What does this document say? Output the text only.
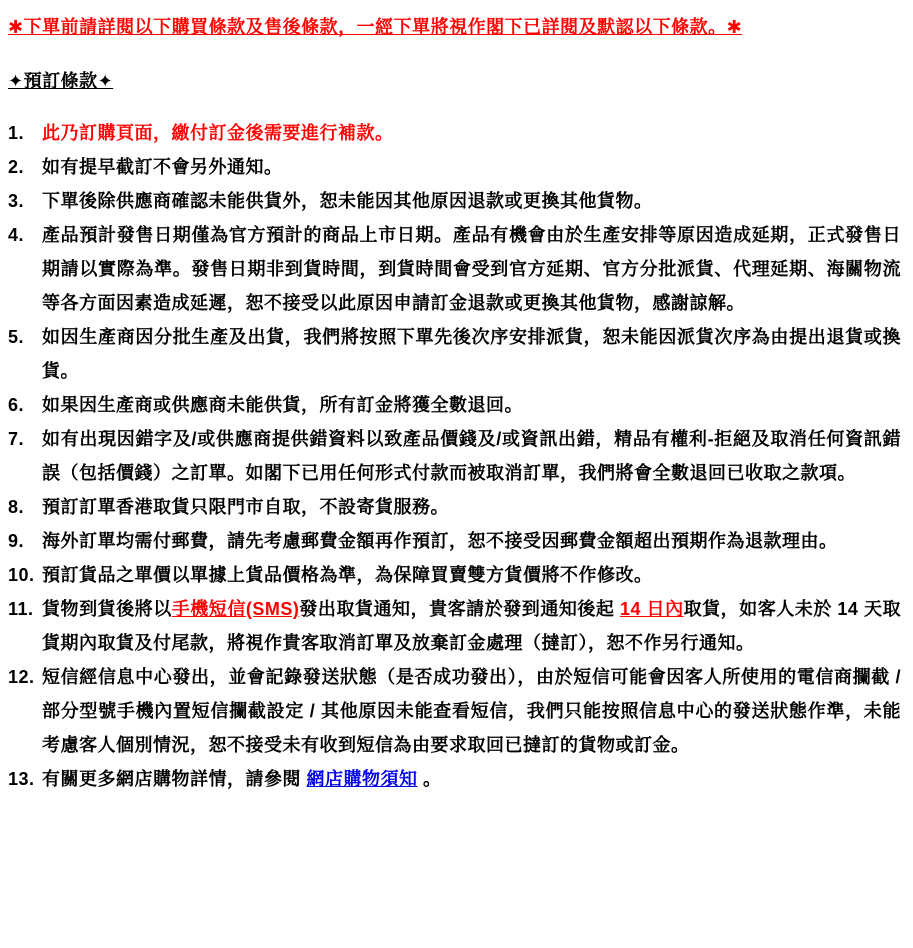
✱下單前請詳閱以下購買條款及售後條款，一經下單將視作閣下已詳閱及默認以下條款。✱
✦預訂條款✦
1. 此乃訂購頁面，繳付訂金後需要進行補款。
2. 如有提早截訂不會另外通知。
3. 下單後除供應商確認未能供貨外，恕未能因其他原因退款或更換其他貨物。
4. 產品預計發售日期僅為官方預計的商品上市日期。產品有機會由於生產安排等原因造成延期，正式發售日期請以實際為準。發售日期非到貨時間，到貨時間會受到官方延期、官方分批派貨、代理延期、海關物流等各方面因素造成延遲，恕不接受以此原因申請訂金退款或更換其他貨物，感謝諒解。
5. 如因生產商因分批生產及出貨，我們將按照下單先後次序安排派貨，恕未能因派貨次序為由提出退貨或換貨。
6. 如果因生產商或供應商未能供貨，所有訂金將獲全數退回。
7. 如有出現因錯字及/或供應商提供錯資料以致產品價錢及/或資訊出錯，精品有權利-拒絕及取消任何資訊錯誤（包括價錢）之訂單。如閣下已用任何形式付款而被取消訂單，我們將會全數退回已收取之款項。
8. 預訂訂單香港取貨只限門市自取，不設寄貨服務。
9. 海外訂單均需付郵費，請先考慮郵費金額再作預訂，恕不接受因郵費金額超出預期作為退款理由。
10. 預訂貨品之單價以單據上貨品價格為準，為保障買賣雙方貨價將不作修改。
11. 貨物到貨後將以手機短信(SMS)發出取貨通知，貴客請於發到通知後起 14 日內取貨，如客人未於 14 天取貨期內取貨及付尾款，將視作貴客取消訂單及放棄訂金處理（撻訂），恕不作另行通知。
12. 短信經信息中心發出，並會記錄發送狀態（是否成功發出），由於短信可能會因客人所使用的電信商攔截 / 部分型號手機內置短信攔截設定 / 其他原因未能查看短信，我們只能按照信息中心的發送狀態作準，未能考慮客人個別情況，恕不接受未有收到短信為由要求取回已撻訂的貨物或訂金。
13. 有關更多網店購物詳情，請參閱 網店購物須知 。
